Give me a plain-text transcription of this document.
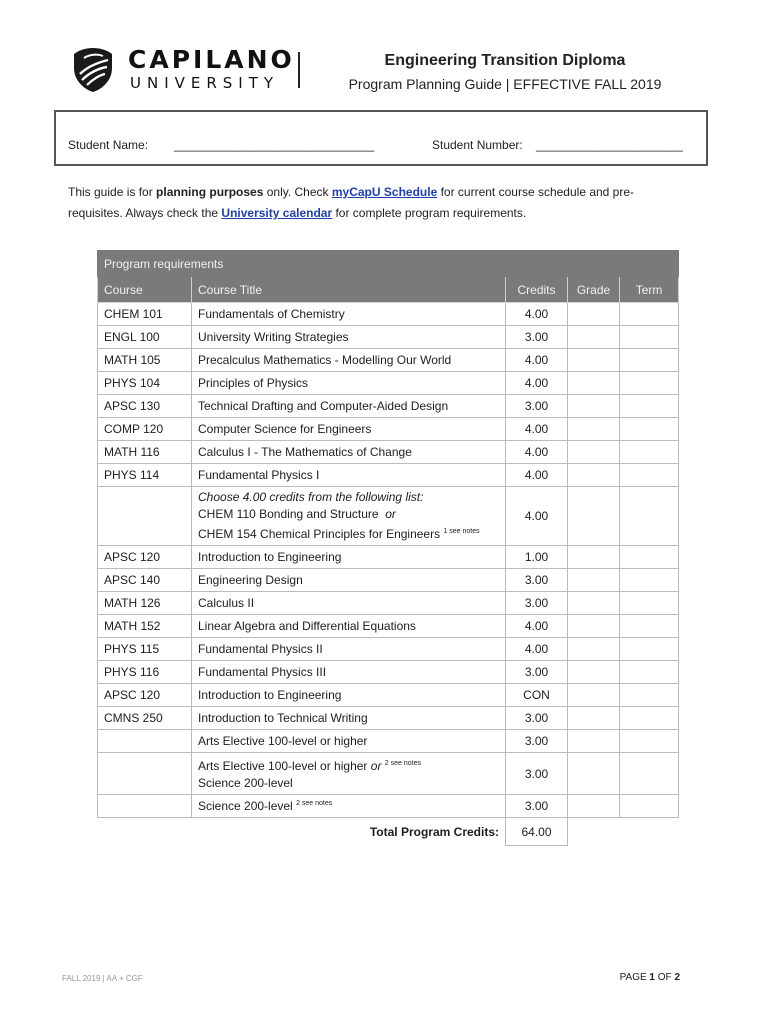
CAPILANO
UNIVERSITY
Engineering Transition Diploma
Program Planning Guide | EFFECTIVE FALL 2019
Student Name: ______________________________	Student Number: ______________________
This guide is for planning purposes only. Check myCapU Schedule for current course schedule and pre-requisites. Always check the University calendar for complete program requirements.
Program requirements				
Course	Course Title	Credits	Grade	Term
CHEM 101	Fundamentals of Chemistry	4.00		
ENGL 100	University Writing Strategies	3.00		
MATH 105	Precalculus Mathematics - Modelling Our World	4.00		
PHYS 104	Principles of Physics	4.00		
APSC 130	Technical Drafting and Computer-Aided Design	3.00		
COMP 120	Computer Science for Engineers	4.00		
MATH 116	Calculus I - The Mathematics of Change	4.00		
PHYS 114	Fundamental Physics I	4.00		

	Choose 4.00 credits from the following list:
CHEM 110 Bonding and Structure or
CHEM 154 Chemical Principles for Engineers $^{1 see notes}$	4.00		
APSC 120	Introduction to Engineering	1.00		
APSC 140	Engineering Design	3.00		
MATH 126	Calculus II	3.00		
MATH 152	Linear Algebra and Differential Equations	4.00		
PHYS 115	Fundamental Physics II	4.00		
PHYS 116	Fundamental Physics III	3.00		
APSC 120	Introduction to Engineering	CON		
CMNS 250	Introduction to Technical Writing	3.00		
	Arts Elective 100-level or higher	3.00		

	Arts Elective 100-level or higher or $^{2 see notes}$
Science 200-level	3.00		
	Science 200-level $^{2 see notes}$	3.00		
	Total Program Credits:	64.00		
FALL 2019 | AA + CGF	PAGE 1 OF 2
